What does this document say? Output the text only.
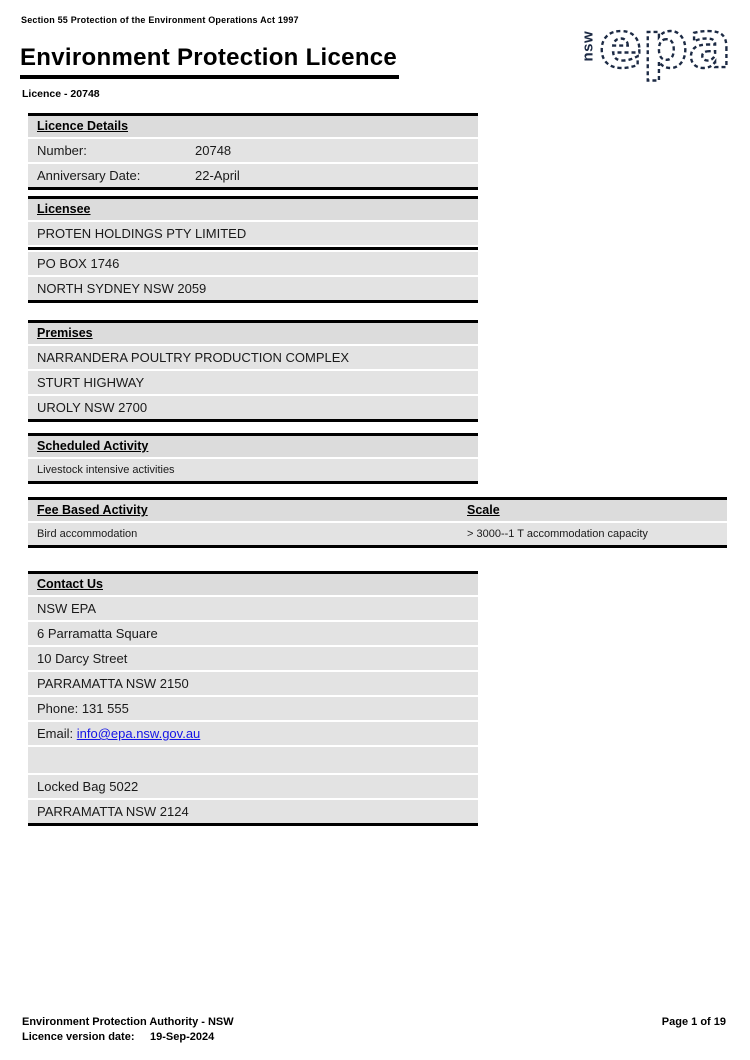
Section 55 Protection of the Environment Operations Act 1997
nsw epa
Environment Protection Licence
Licence - 20748
Licence Details
Number:	20748
Anniversary Date:	22-April
Licensee
PROTEN HOLDINGS PTY LIMITED
PO BOX 1746
NORTH SYDNEY NSW 2059
Premises
NARRANDERA POULTRY PRODUCTION COMPLEX
STURT HIGHWAY
UROLY NSW 2700
Scheduled Activity
Livestock intensive activities
Fee Based Activity	Scale
Bird accommodation	> 3000--1 T accommodation capacity
Contact Us
NSW EPA
6 Parramatta Square
10 Darcy Street
PARRAMATTA NSW 2150
Phone: 131 555
Email: info@epa.nsw.gov.au
Locked Bag 5022
PARRAMATTA NSW 2124
Environment Protection Authority - NSW	Page 1 of 19
Licence version date:	19-Sep-2024
